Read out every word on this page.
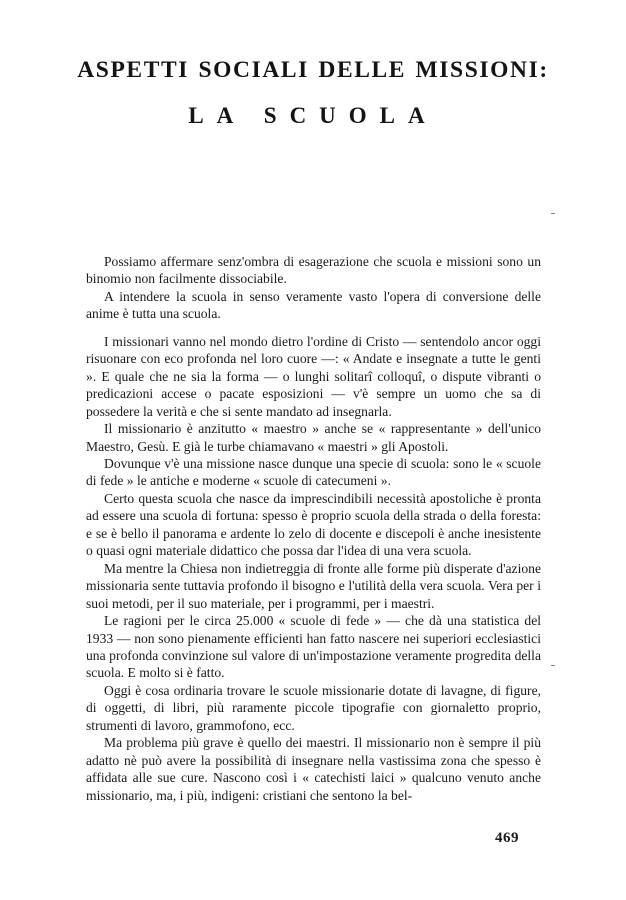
ASPETTI SOCIALI DELLE MISSIONI:
LA SCUOLA

Possiamo affermare senz'ombra di esagerazione che scuola e missioni sono un binomio non facilmente dissociabile.

A intendere la scuola in senso veramente vasto l'opera di conversione delle anime è tutta una scuola.

I missionari vanno nel mondo dietro l'ordine di Cristo — sentendolo ancor oggi risuonare con eco profonda nel loro cuore —: « Andate e insegnate a tutte le genti ». E quale che ne sia la forma — o lunghi solitarî colloquî, o dispute vibranti o predicazioni accese o pacate esposizioni — v'è sempre un uomo che sa di possedere la verità e che si sente mandato ad insegnarla.

Il missionario è anzitutto « maestro » anche se « rappresentante » dell'unico Maestro, Gesù. E già le turbe chiamavano « maestri » gli Apostoli.

Dovunque v'è una missione nasce dunque una specie di scuola: sono le « scuole di fede » le antiche e moderne « scuole di catecumeni ».

Certo questa scuola che nasce da imprescindibili necessità apostoliche è pronta ad essere una scuola di fortuna: spesso è proprio scuola della strada o della foresta: e se è bello il panorama e ardente lo zelo di docente e discepoli è anche inesistente o quasi ogni materiale didattico che possa dar l'idea di una vera scuola.

Ma mentre la Chiesa non indietreggia di fronte alle forme più disperate d'azione missionaria sente tuttavia profondo il bisogno e l'utilità della vera scuola. Vera per i suoi metodi, per il suo materiale, per i programmi, per i maestri.

Le ragioni per le circa 25.000 « scuole di fede » — che dà una statistica del 1933 — non sono pienamente efficienti han fatto nascere nei superiori ecclesiastici una profonda convinzione sul valore di un'impostazione veramente progredita della scuola. E molto si è fatto.

Oggi è cosa ordinaria trovare le scuole missionarie dotate di lavagne, di figure, di oggetti, di libri, più raramente piccole tipografie con giornaletto proprio, strumenti di lavoro, grammofono, ecc.

Ma problema più grave è quello dei maestri. Il missionario non è sempre il più adatto nè può avere la possibilità di insegnare nella vastissima zona che spesso è affidata alle sue cure. Nascono così i « catechisti laici » qualcuno venuto anche missionario, ma, i più, indigeni: cristiani che sentono la bel-

469
